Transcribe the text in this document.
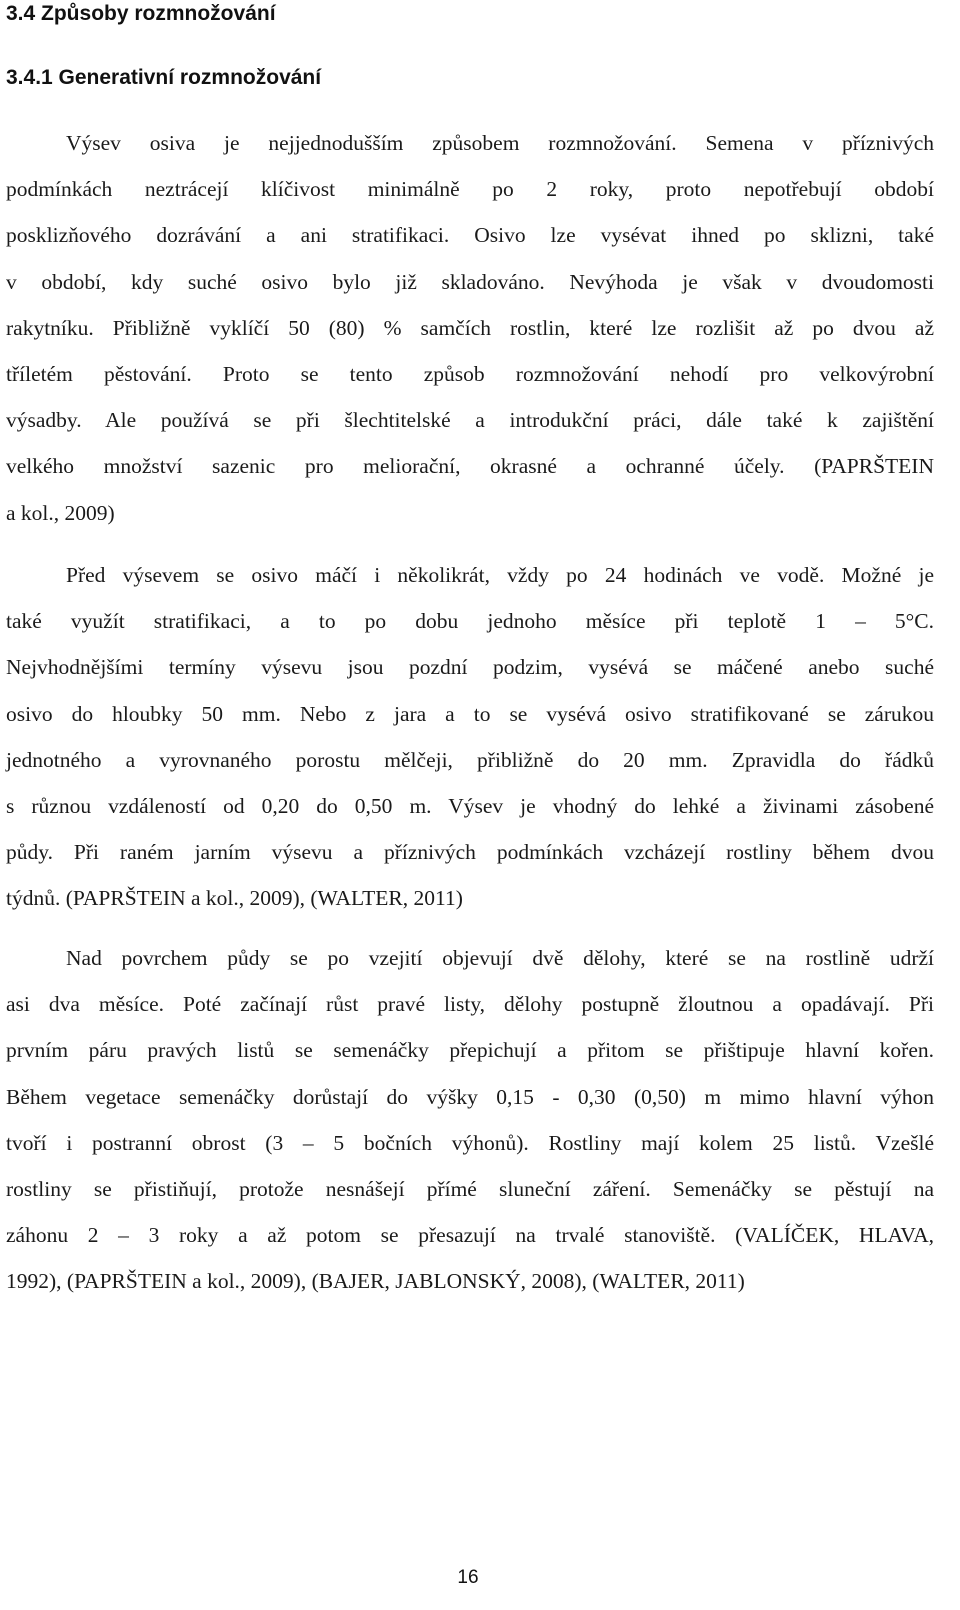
3.4 Způsoby rozmnožování
3.4.1 Generativní rozmnožování

Výsev osiva je nejjednodušším způsobem rozmnožování. Semena v příznivých
podmínkách neztrácejí klíčivost minimálně po 2 roky, proto nepotřebují období
posklizňového dozrávání a ani stratifikaci. Osivo lze vysévat ihned po sklizni, také
v období, kdy suché osivo bylo již skladováno. Nevýhoda je však v dvoudomosti
rakytníku. Přibližně vyklíčí 50 (80) % samčích rostlin, které lze rozlišit až po dvou až
tříletém pěstování. Proto se tento způsob rozmnožování nehodí pro velkovýrobní
výsadby. Ale používá se při šlechtitelské a introdukční práci, dále také k zajištění
velkého množství sazenic pro meliorační, okrasné a ochranné účely. (PAPRŠTEIN
a kol., 2009)

Před výsevem se osivo máčí i několikrát, vždy po 24 hodinách ve vodě. Možné je
také využít stratifikaci, a to po dobu jednoho měsíce při teplotě 1 – 5°C.
Nejvhodnějšími termíny výsevu jsou pozdní podzim, vysévá se máčené anebo suché
osivo do hloubky 50 mm. Nebo z jara a to se vysévá osivo stratifikované se zárukou
jednotného a vyrovnaného porostu mělčeji, přibližně do 20 mm. Zpravidla do řádků
s různou vzdáleností od 0,20 do 0,50 m. Výsev je vhodný do lehké a živinami zásobené
půdy. Při raném jarním výsevu a příznivých podmínkách vzcházejí rostliny během dvou
týdnů. (PAPRŠTEIN a kol., 2009), (WALTER, 2011)

Nad povrchem půdy se po vzejití objevují dvě dělohy, které se na rostlině udrží
asi dva měsíce. Poté začínají růst pravé listy, dělohy postupně žloutnou a opadávají. Při
prvním páru pravých listů se semenáčky přepichují a přitom se přištipuje hlavní kořen.
Během vegetace semenáčky dorůstají do výšky 0,15 - 0,30 (0,50) m mimo hlavní výhon
tvoří i postranní obrost (3 – 5 bočních výhonů). Rostliny mají kolem 25 listů. Vzešlé
rostliny se přistiňují, protože nesnášejí přímé sluneční záření. Semenáčky se pěstují na
záhonu 2 – 3 roky a až potom se přesazují na trvalé stanoviště. (VALÍČEK, HLAVA,
1992), (PAPRŠTEIN a kol., 2009), (BAJER, JABLONSKÝ, 2008), (WALTER, 2011)

16
